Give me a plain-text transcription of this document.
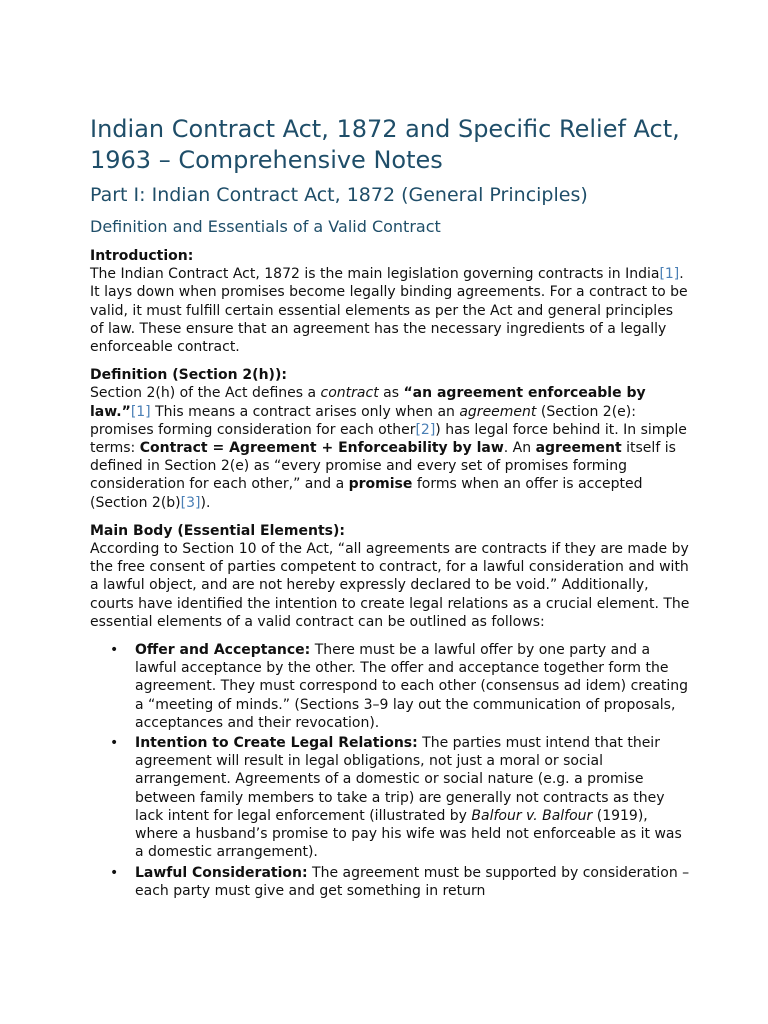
Indian Contract Act, 1872 and Specific Relief Act, 1963 – Comprehensive Notes
Part I: Indian Contract Act, 1872 (General Principles)
Definition and Essentials of a Valid Contract

Introduction:

The Indian Contract Act, 1872 is the main legislation governing contracts in India[1]. It lays down when promises become legally binding agreements. For a contract to be valid, it must fulfill certain essential elements as per the Act and general principles of law. These ensure that an agreement has the necessary ingredients of a legally enforceable contract.

Definition (Section 2(h)):

Section 2(h) of the Act defines a contract as “an agreement enforceable by law.”[1] This means a contract arises only when an agreement (Section 2(e): promises forming consideration for each other[2]) has legal force behind it. In simple terms: Contract = Agreement + Enforceability by law. An agreement itself is defined in Section 2(e) as “every promise and every set of promises forming consideration for each other,” and a promise forms when an offer is accepted (Section 2(b)[3]).

Main Body (Essential Elements):

According to Section 10 of the Act, “all agreements are contracts if they are made by the free consent of parties competent to contract, for a lawful consideration and with a lawful object, and are not hereby expressly declared to be void.” Additionally, courts have identified the intention to create legal relations as a crucial element. The essential elements of a valid contract can be outlined as follows:

• Offer and Acceptance: There must be a lawful offer by one party and a lawful acceptance by the other. The offer and acceptance together form the agreement. They must correspond to each other (consensus ad idem) creating a “meeting of minds.” (Sections 3–9 lay out the communication of proposals, acceptances and their revocation).
• Intention to Create Legal Relations: The parties must intend that their agreement will result in legal obligations, not just a moral or social arrangement. Agreements of a domestic or social nature (e.g. a promise between family members to take a trip) are generally not contracts as they lack intent for legal enforcement (illustrated by Balfour v. Balfour (1919), where a husband’s promise to pay his wife was held not enforceable as it was a domestic arrangement).
• Lawful Consideration: The agreement must be supported by consideration – each party must give and get something in return
